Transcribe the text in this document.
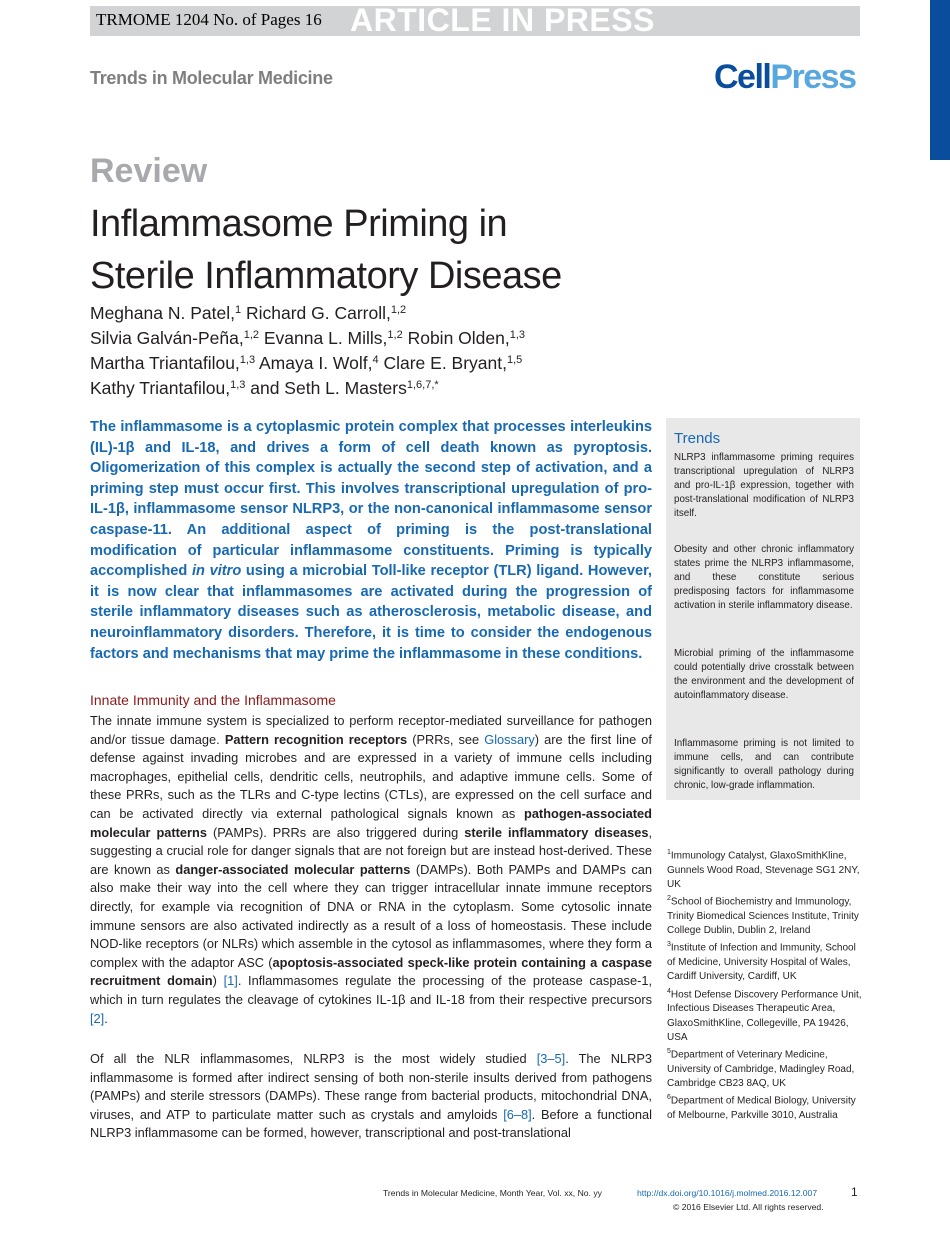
TRMOME 1204 No. of Pages 16 ARTICLE IN PRESS
Trends in Molecular Medicine	CellPress
Review
Inflammasome Priming in
Sterile Inflammatory Disease
Meghana N. Patel,$^1$ Richard G. Carroll,$^{1,2}$
Silvia Galván-Peña,$^{1,2}$ Evanna L. Mills,$^{1,2}$ Robin Olden,$^{1,3}$
Martha Triantafilou,$^{1,3}$ Amaya I. Wolf,$^4$ Clare E. Bryant,$^{1,5}$
Kathy Triantafilou,$^{1,3}$ and Seth L. Masters$^{1,6,7,*}$
The inflammasome is a cytoplasmic protein complex that processes interleukins (IL)-1β and IL-18, and drives a form of cell death known as pyroptosis. Oligomerization of this complex is actually the second step of activation, and a priming step must occur first. This involves transcriptional upregulation of pro-IL-1β, inflammasome sensor NLRP3, or the non-canonical inflammasome sensor caspase-11. An additional aspect of priming is the post-translational modification of particular inflammasome constituents. Priming is typically accomplished in vitro using a microbial Toll-like receptor (TLR) ligand. However, it is now clear that inflammasomes are activated during the progression of sterile inflammatory diseases such as atherosclerosis, metabolic disease, and neuroinflammatory disorders. Therefore, it is time to consider the endogenous factors and mechanisms that may prime the inflammasome in these conditions.
Innate Immunity and the Inflammasome
The innate immune system is specialized to perform receptor-mediated surveillance for pathogen and/or tissue damage. Pattern recognition receptors (PRRs, see Glossary) are the first line of defense against invading microbes and are expressed in a variety of immune cells including macrophages, epithelial cells, dendritic cells, neutrophils, and adaptive immune cells. Some of these PRRs, such as the TLRs and C-type lectins (CTLs), are expressed on the cell surface and can be activated directly via external pathological signals known as pathogen-associated molecular patterns (PAMPs). PRRs are also triggered during sterile inflammatory diseases, suggesting a crucial role for danger signals that are not foreign but are instead host-derived. These are known as danger-associated molecular patterns (DAMPs). Both PAMPs and DAMPs can also make their way into the cell where they can trigger intracellular innate immune receptors directly, for example via recognition of DNA or RNA in the cytoplasm. Some cytosolic innate immune sensors are also activated indirectly as a result of a loss of homeostasis. These include NOD-like receptors (or NLRs) which assemble in the cytosol as inflammasomes, where they form a complex with the adaptor ASC (apoptosis-associated speck-like protein containing a caspase recruitment domain) [1]. Inflammasomes regulate the processing of the protease caspase-1, which in turn regulates the cleavage of cytokines IL-1β and IL-18 from their respective precursors [2].
Of all the NLR inflammasomes, NLRP3 is the most widely studied [3–5]. The NLRP3 inflammasome is formed after indirect sensing of both non-sterile insults derived from pathogens (PAMPs) and sterile stressors (DAMPs). These range from bacterial products, mitochondrial DNA, viruses, and ATP to particulate matter such as crystals and amyloids [6–8]. Before a functional NLRP3 inflammasome can be formed, however, transcriptional and post-translational
Trends
NLRP3 inflammasome priming requires transcriptional upregulation of NLRP3 and pro-IL-1β expression, together with post-translational modification of NLRP3 itself.
Obesity and other chronic inflammatory states prime the NLRP3 inflammasome, and these constitute serious predisposing factors for inflammasome activation in sterile inflammatory disease.
Microbial priming of the inflammasome could potentially drive crosstalk between the environment and the development of autoinflammatory disease.
Inflammasome priming is not limited to immune cells, and can contribute significantly to overall pathology during chronic, low-grade inflammation.
$^1$Immunology Catalyst, GlaxoSmithKline, Gunnels Wood Road, Stevenage SG1 2NY, UK
$^2$School of Biochemistry and Immunology, Trinity Biomedical Sciences Institute, Trinity College Dublin, Dublin 2, Ireland
$^3$Institute of Infection and Immunity, School of Medicine, University Hospital of Wales, Cardiff University, Cardiff, UK
$^4$Host Defense Discovery Performance Unit, Infectious Diseases Therapeutic Area, GlaxoSmithKline, Collegeville, PA 19426, USA
$^5$Department of Veterinary Medicine, University of Cambridge, Madingley Road, Cambridge CB23 8AQ, UK
$^6$Department of Medical Biology, University of Melbourne, Parkville 3010, Australia
Trends in Molecular Medicine, Month Year, Vol. xx, No. yy	http://dx.doi.org/10.1016/j.molmed.2016.12.007	1
© 2016 Elsevier Ltd. All rights reserved.
